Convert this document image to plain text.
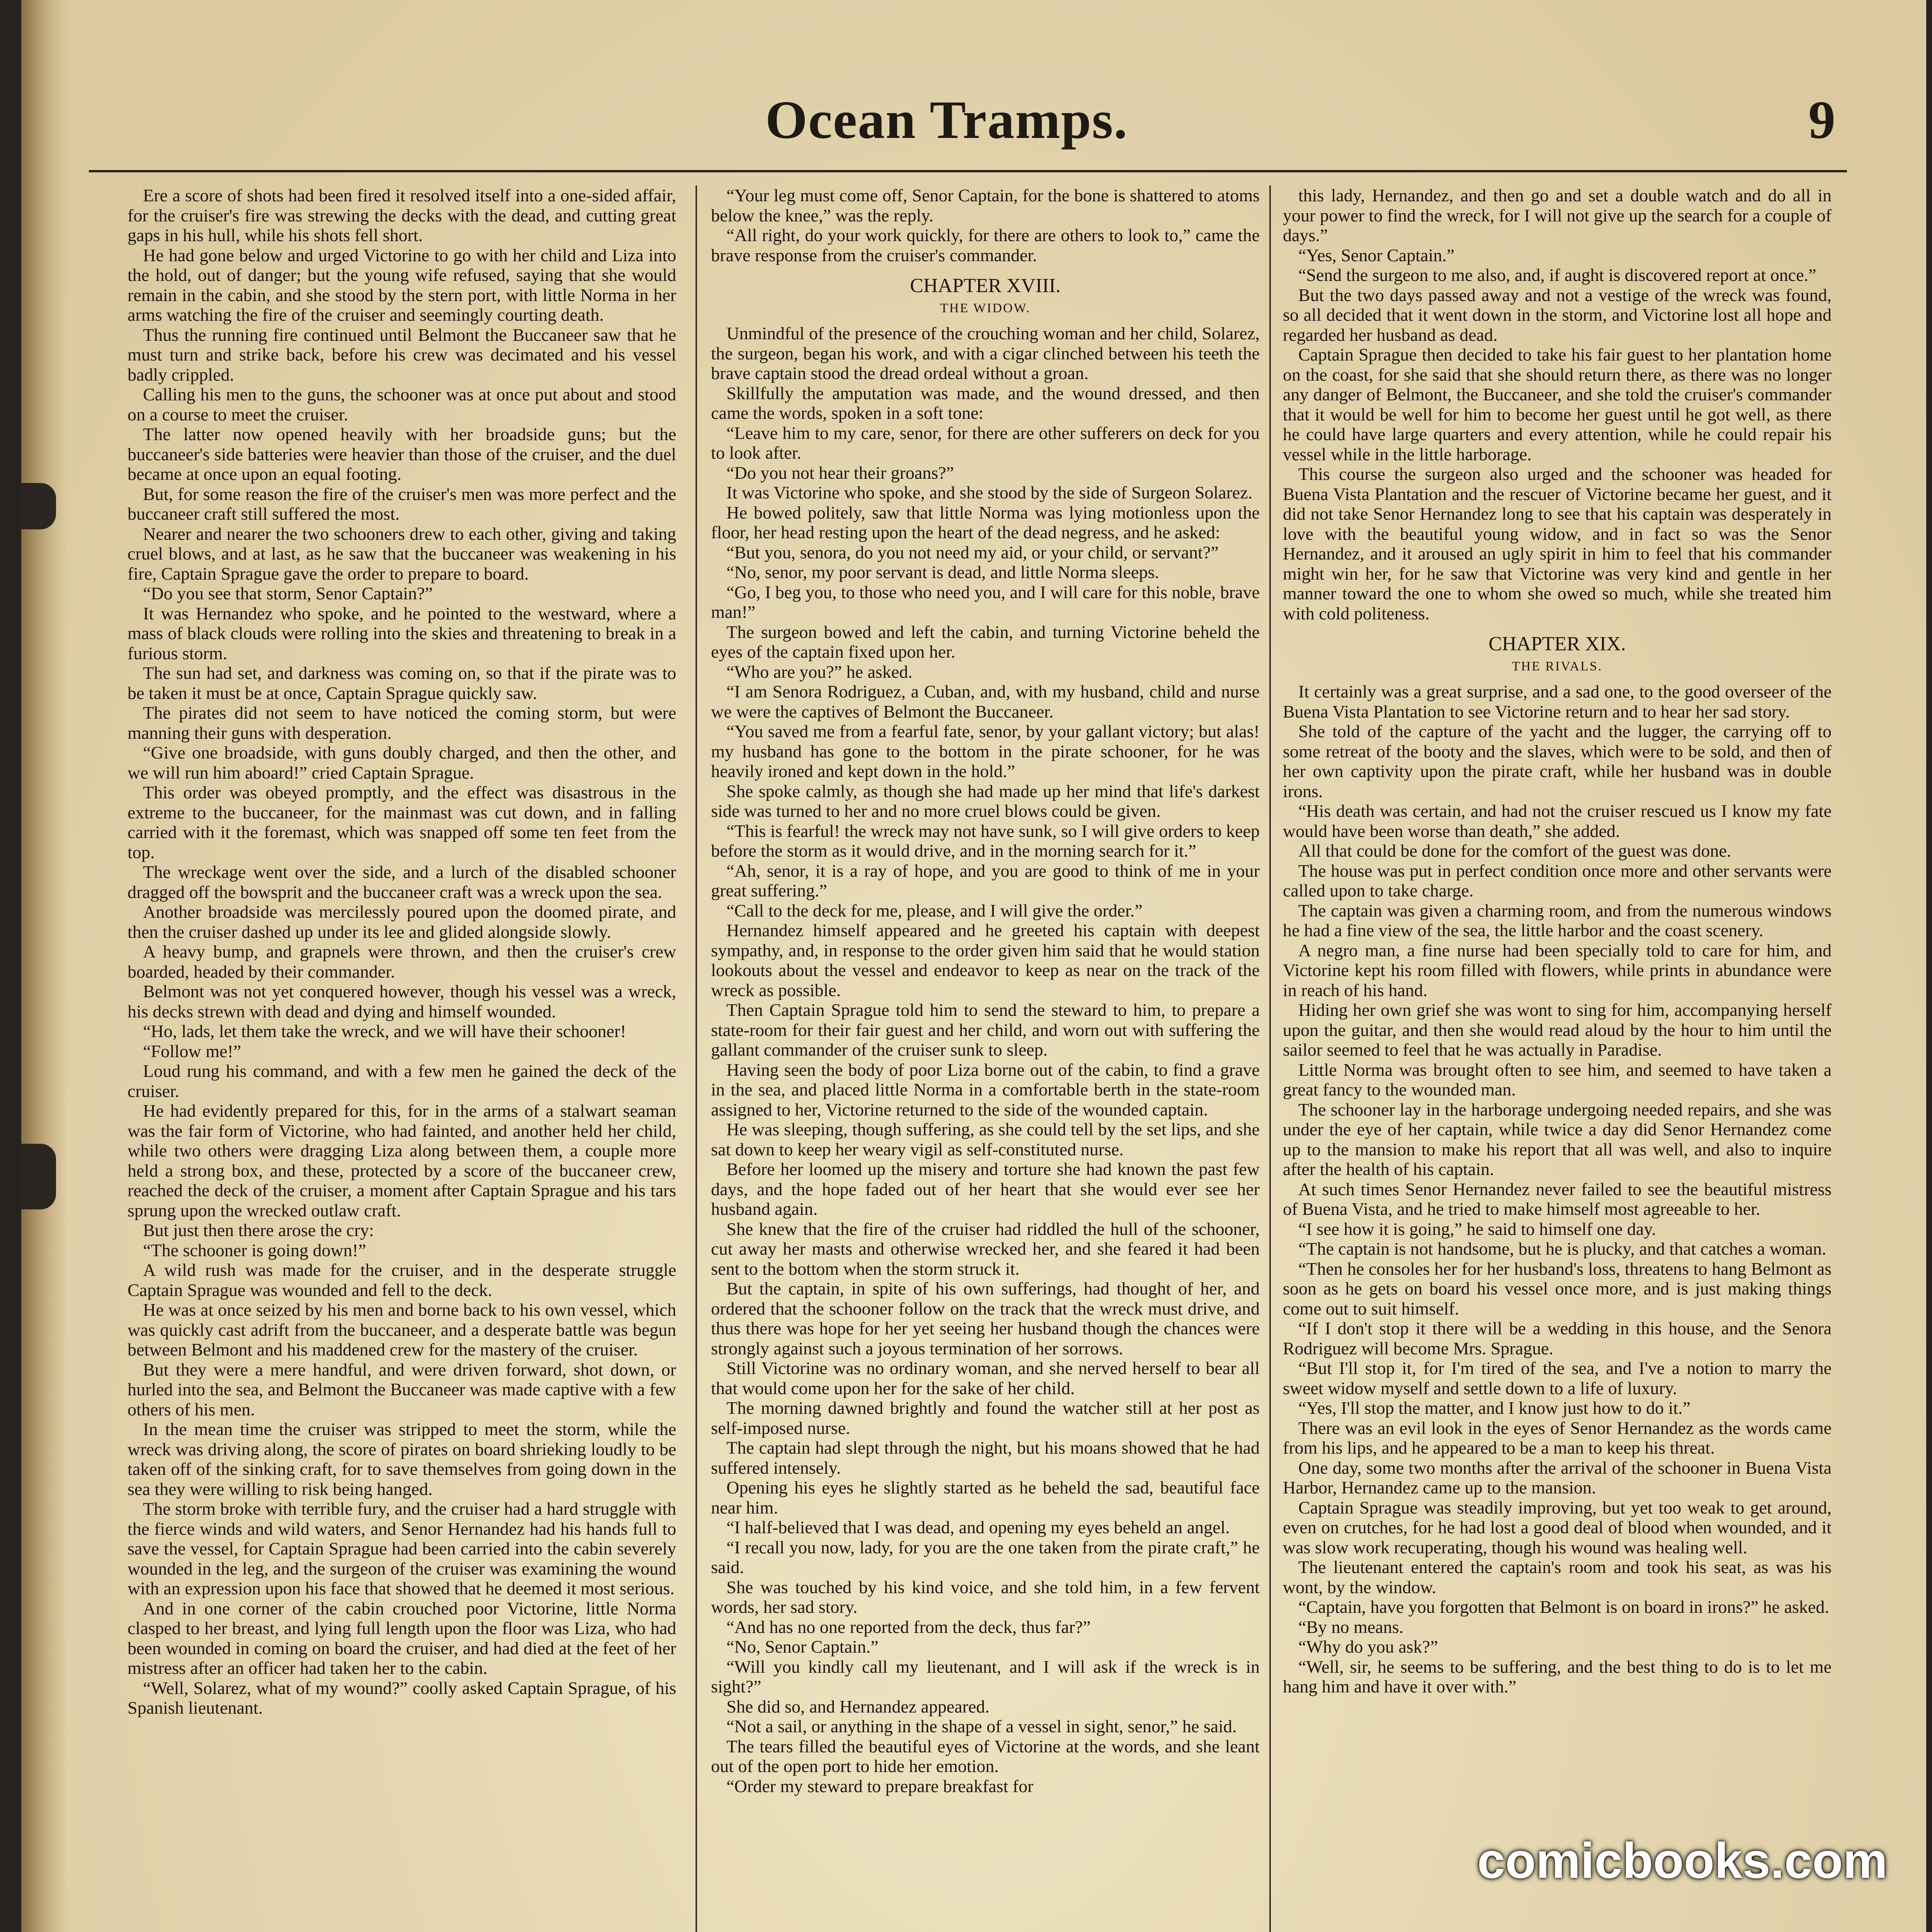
Ocean Tramps.	9

Ere a score of shots had been fired it resolved itself into a one-sided affair, for the cruiser's fire was strewing the decks with the dead, and cutting great gaps in his hull, while his shots fell short.

He had gone below and urged Victorine to go with her child and Liza into the hold, out of danger; but the young wife refused, saying that she would remain in the cabin, and she stood by the stern port, with little Norma in her arms watching the fire of the cruiser and seemingly courting death.

Thus the running fire continued until Belmont the Buccaneer saw that he must turn and strike back, before his crew was decimated and his vessel badly crippled.

Calling his men to the guns, the schooner was at once put about and stood on a course to meet the cruiser.

The latter now opened heavily with her broadside guns; but the buccaneer's side batteries were heavier than those of the cruiser, and the duel became at once upon an equal footing.

But, for some reason the fire of the cruiser's men was more perfect and the buccaneer craft still suffered the most.

Nearer and nearer the two schooners drew to each other, giving and taking cruel blows, and at last, as he saw that the buccaneer was weakening in his fire, Captain Sprague gave the order to prepare to board.

“Do you see that storm, Senor Captain?”

It was Hernandez who spoke, and he pointed to the westward, where a mass of black clouds were rolling into the skies and threatening to break in a furious storm.

The sun had set, and darkness was coming on, so that if the pirate was to be taken it must be at once, Captain Sprague quickly saw.

The pirates did not seem to have noticed the coming storm, but were manning their guns with desperation.

“Give one broadside, with guns doubly charged, and then the other, and we will run him aboard!” cried Captain Sprague.

This order was obeyed promptly, and the effect was disastrous in the extreme to the buccaneer, for the mainmast was cut down, and in falling carried with it the foremast, which was snapped off some ten feet from the top.

The wreckage went over the side, and a lurch of the disabled schooner dragged off the bowsprit and the buccaneer craft was a wreck upon the sea.

Another broadside was mercilessly poured upon the doomed pirate, and then the cruiser dashed up under its lee and glided alongside slowly.

A heavy bump, and grapnels were thrown, and then the cruiser's crew boarded, headed by their commander.

Belmont was not yet conquered however, though his vessel was a wreck, his decks strewn with dead and dying and himself wounded.

“Ho, lads, let them take the wreck, and we will have their schooner!

“Follow me!”

Loud rung his command, and with a few men he gained the deck of the cruiser.

He had evidently prepared for this, for in the arms of a stalwart seaman was the fair form of Victorine, who had fainted, and another held her child, while two others were dragging Liza along between them, a couple more held a strong box, and these, protected by a score of the buccaneer crew, reached the deck of the cruiser, a moment after Captain Sprague and his tars sprung upon the wrecked outlaw craft.

But just then there arose the cry:

“The schooner is going down!”

A wild rush was made for the cruiser, and in the desperate struggle Captain Sprague was wounded and fell to the deck.

He was at once seized by his men and borne back to his own vessel, which was quickly cast adrift from the buccaneer, and a desperate battle was begun between Belmont and his maddened crew for the mastery of the cruiser.

But they were a mere handful, and were driven forward, shot down, or hurled into the sea, and Belmont the Buccaneer was made captive with a few others of his men.

In the mean time the cruiser was stripped to meet the storm, while the wreck was driving along, the score of pirates on board shrieking loudly to be taken off of the sinking craft, for to save themselves from going down in the sea they were willing to risk being hanged.

The storm broke with terrible fury, and the cruiser had a hard struggle with the fierce winds and wild waters, and Senor Hernandez had his hands full to save the vessel, for Captain Sprague had been carried into the cabin severely wounded in the leg, and the surgeon of the cruiser was examining the wound with an expression upon his face that showed that he deemed it most serious.

And in one corner of the cabin crouched poor Victorine, little Norma clasped to her breast, and lying full length upon the floor was Liza, who had been wounded in coming on board the cruiser, and had died at the feet of her mistress after an officer had taken her to the cabin.

“Well, Solarez, what of my wound?” coolly asked Captain Sprague, of his Spanish lieutenant.

“Your leg must come off, Senor Captain, for the bone is shattered to atoms below the knee,” was the reply.

“All right, do your work quickly, for there are others to look to,” came the brave response from the cruiser's commander.

CHAPTER XVIII.
THE WIDOW.

Unmindful of the presence of the crouching woman and her child, Solarez, the surgeon, began his work, and with a cigar clinched between his teeth the brave captain stood the dread ordeal without a groan.

Skillfully the amputation was made, and the wound dressed, and then came the words, spoken in a soft tone:

“Leave him to my care, senor, for there are other sufferers on deck for you to look after.

“Do you not hear their groans?”

It was Victorine who spoke, and she stood by the side of Surgeon Solarez.

He bowed politely, saw that little Norma was lying motionless upon the floor, her head resting upon the heart of the dead negress, and he asked:

“But you, senora, do you not need my aid, or your child, or servant?”

“No, senor, my poor servant is dead, and little Norma sleeps.

“Go, I beg you, to those who need you, and I will care for this noble, brave man!”

The surgeon bowed and left the cabin, and turning Victorine beheld the eyes of the captain fixed upon her.

“Who are you?” he asked.

“I am Senora Rodriguez, a Cuban, and, with my husband, child and nurse we were the captives of Belmont the Buccaneer.

“You saved me from a fearful fate, senor, by your gallant victory; but alas! my husband has gone to the bottom in the pirate schooner, for he was heavily ironed and kept down in the hold.”

She spoke calmly, as though she had made up her mind that life's darkest side was turned to her and no more cruel blows could be given.

“This is fearful! the wreck may not have sunk, so I will give orders to keep before the storm as it would drive, and in the morning search for it.”

“Ah, senor, it is a ray of hope, and you are good to think of me in your great suffering.”

“Call to the deck for me, please, and I will give the order.”

Hernandez himself appeared and he greeted his captain with deepest sympathy, and, in response to the order given him said that he would station lookouts about the vessel and endeavor to keep as near on the track of the wreck as possible.

Then Captain Sprague told him to send the steward to him, to prepare a state-room for their fair guest and her child, and worn out with suffering the gallant commander of the cruiser sunk to sleep.

Having seen the body of poor Liza borne out of the cabin, to find a grave in the sea, and placed little Norma in a comfortable berth in the state-room assigned to her, Victorine returned to the side of the wounded captain.

He was sleeping, though suffering, as she could tell by the set lips, and she sat down to keep her weary vigil as self-constituted nurse.

Before her loomed up the misery and torture she had known the past few days, and the hope faded out of her heart that she would ever see her husband again.

She knew that the fire of the cruiser had riddled the hull of the schooner, cut away her masts and otherwise wrecked her, and she feared it had been sent to the bottom when the storm struck it.

But the captain, in spite of his own sufferings, had thought of her, and ordered that the schooner follow on the track that the wreck must drive, and thus there was hope for her yet seeing her husband though the chances were strongly against such a joyous termination of her sorrows.

Still Victorine was no ordinary woman, and she nerved herself to bear all that would come upon her for the sake of her child.

The morning dawned brightly and found the watcher still at her post as self-imposed nurse.

The captain had slept through the night, but his moans showed that he had suffered intensely.

Opening his eyes he slightly started as he beheld the sad, beautiful face near him.

“I half-believed that I was dead, and opening my eyes beheld an angel.

“I recall you now, lady, for you are the one taken from the pirate craft,” he said.

She was touched by his kind voice, and she told him, in a few fervent words, her sad story.

“And has no one reported from the deck, thus far?”

“No, Senor Captain.”

“Will you kindly call my lieutenant, and I will ask if the wreck is in sight?”

She did so, and Hernandez appeared.

“Not a sail, or anything in the shape of a vessel in sight, senor,” he said.

The tears filled the beautiful eyes of Victorine at the words, and she leant out of the open port to hide her emotion.

“Order my steward to prepare breakfast for

this lady, Hernandez, and then go and set a double watch and do all in your power to find the wreck, for I will not give up the search for a couple of days.”

“Yes, Senor Captain.”

“Send the surgeon to me also, and, if aught is discovered report at once.”

But the two days passed away and not a vestige of the wreck was found, so all decided that it went down in the storm, and Victorine lost all hope and regarded her husband as dead.

Captain Sprague then decided to take his fair guest to her plantation home on the coast, for she said that she should return there, as there was no longer any danger of Belmont, the Buccaneer, and she told the cruiser's commander that it would be well for him to become her guest until he got well, as there he could have large quarters and every attention, while he could repair his vessel while in the little harborage.

This course the surgeon also urged and the schooner was headed for Buena Vista Plantation and the rescuer of Victorine became her guest, and it did not take Senor Hernandez long to see that his captain was desperately in love with the beautiful young widow, and in fact so was the Senor Hernandez, and it aroused an ugly spirit in him to feel that his commander might win her, for he saw that Victorine was very kind and gentle in her manner toward the one to whom she owed so much, while she treated him with cold politeness.

CHAPTER XIX.
THE RIVALS.

It certainly was a great surprise, and a sad one, to the good overseer of the Buena Vista Plantation to see Victorine return and to hear her sad story.

She told of the capture of the yacht and the lugger, the carrying off to some retreat of the booty and the slaves, which were to be sold, and then of her own captivity upon the pirate craft, while her husband was in double irons.

“His death was certain, and had not the cruiser rescued us I know my fate would have been worse than death,” she added.

All that could be done for the comfort of the guest was done.

The house was put in perfect condition once more and other servants were called upon to take charge.

The captain was given a charming room, and from the numerous windows he had a fine view of the sea, the little harbor and the coast scenery.

A negro man, a fine nurse had been specially told to care for him, and Victorine kept his room filled with flowers, while prints in abundance were in reach of his hand.

Hiding her own grief she was wont to sing for him, accompanying herself upon the guitar, and then she would read aloud by the hour to him until the sailor seemed to feel that he was actually in Paradise.

Little Norma was brought often to see him, and seemed to have taken a great fancy to the wounded man.

The schooner lay in the harborage undergoing needed repairs, and she was under the eye of her captain, while twice a day did Senor Hernandez come up to the mansion to make his report that all was well, and also to inquire after the health of his captain.

At such times Senor Hernandez never failed to see the beautiful mistress of Buena Vista, and he tried to make himself most agreeable to her.

“I see how it is going,” he said to himself one day.

“The captain is not handsome, but he is plucky, and that catches a woman.

“Then he consoles her for her husband's loss, threatens to hang Belmont as soon as he gets on board his vessel once more, and is just making things come out to suit himself.

“If I don't stop it there will be a wedding in this house, and the Senora Rodriguez will become Mrs. Sprague.

“But I'll stop it, for I'm tired of the sea, and I've a notion to marry the sweet widow myself and settle down to a life of luxury.

“Yes, I'll stop the matter, and I know just how to do it.”

There was an evil look in the eyes of Senor Hernandez as the words came from his lips, and he appeared to be a man to keep his threat.

One day, some two months after the arrival of the schooner in Buena Vista Harbor, Hernandez came up to the mansion.

Captain Sprague was steadily improving, but yet too weak to get around, even on crutches, for he had lost a good deal of blood when wounded, and it was slow work recuperating, though his wound was healing well.

The lieutenant entered the captain's room and took his seat, as was his wont, by the window.

“Captain, have you forgotten that Belmont is on board in irons?” he asked.

“By no means.

“Why do you ask?”

“Well, sir, he seems to be suffering, and the best thing to do is to let me hang him and have it over with.”

comicbooks.com
